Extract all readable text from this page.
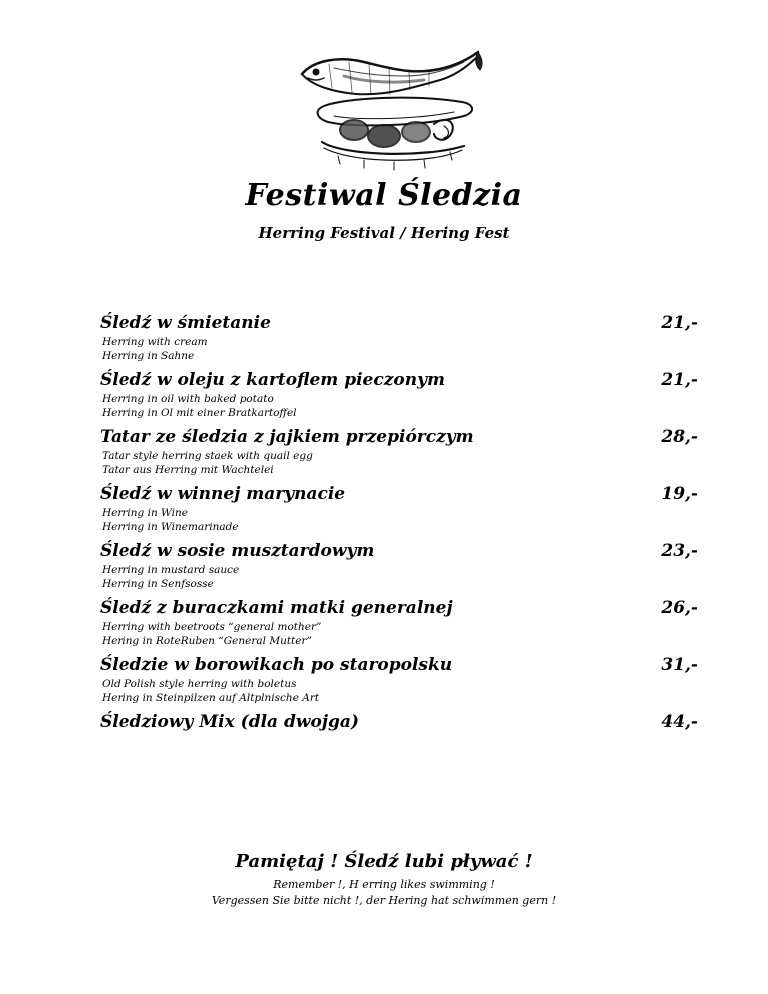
Festiwal Śledzia
Herring Festival / Hering Fest
Śledź w śmietanie	21,-
Herring with cream
Herring in Sahne
Śledź w oleju z kartoflem pieczonym	21,-
Herring in oil with baked potato
Herring in Ol mit einer Bratkartoffel
Tatar ze śledzia z jajkiem przepiórczym	28,-
Tatar style herring staek with quail egg
Tatar aus Herring mit Wachtelei
Śledź w winnej marynacie	19,-
Herring in Wine
Herring in Winemarinade
Śledź w sosie musztardowym	23,-
Herring in mustard sauce
Herring in Senfsosse
Śledź z buraczkami matki generalnej	26,-
Herring with beetroots “general mother”
Hering in RoteRuben “General Mutter”
Śledzie w borowikach po staropolsku	31,-
Old Polish style herring with boletus
Hering in Steinpilzen auf Altplnische Art
Śledziowy Mix (dla dwojga)	44,-
Pamiętaj ! Śledź lubi pływać !
Remember !, H erring likes swimming !
Vergessen Sie bitte nicht !, der Hering hat schwimmen gern !
